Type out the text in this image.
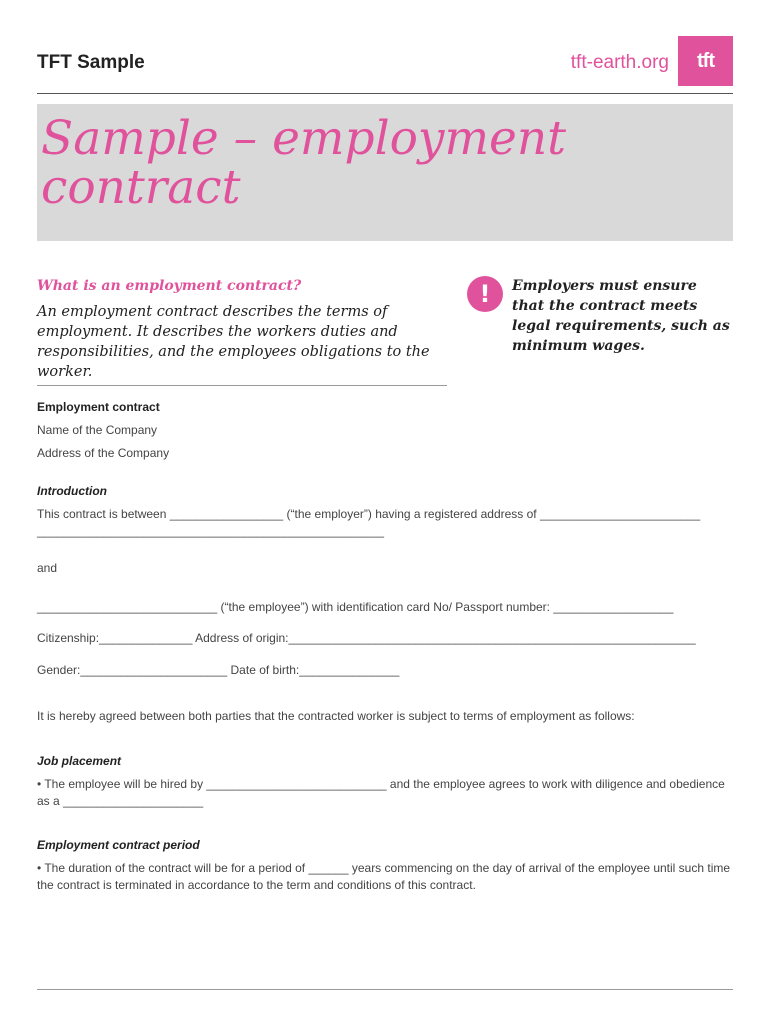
TFT Sample	tft-earth.org	tft
Sample – employment
contract
What is an employment contract?
An employment contract describes the terms of employment. It describes the workers duties and responsibilities, and the employees obligations to the worker.
!	Employers must ensure that the contract meets legal requirements, such as minimum wages.
Employment contract
Name of the Company
Address of the Company
Introduction
This contract is between _________________ (“the employer”) having a registered address of ________________________
____________________________________________________
and
___________________________ (“the employee”) with identification card No/ Passport number: __________________
Citizenship:______________ Address of origin:_____________________________________________________________
Gender:______________________ Date of birth:_______________
It is hereby agreed between both parties that the contracted worker is subject to terms of employment as follows:
Job placement
• The employee will be hired by ___________________________ and the employee agrees to work with diligence and obedience as a _____________________
Employment contract period
• The duration of the contract will be for a period of ______ years commencing on the day of arrival of the employee until such time the contract is terminated in accordance to the term and conditions of this contract.
